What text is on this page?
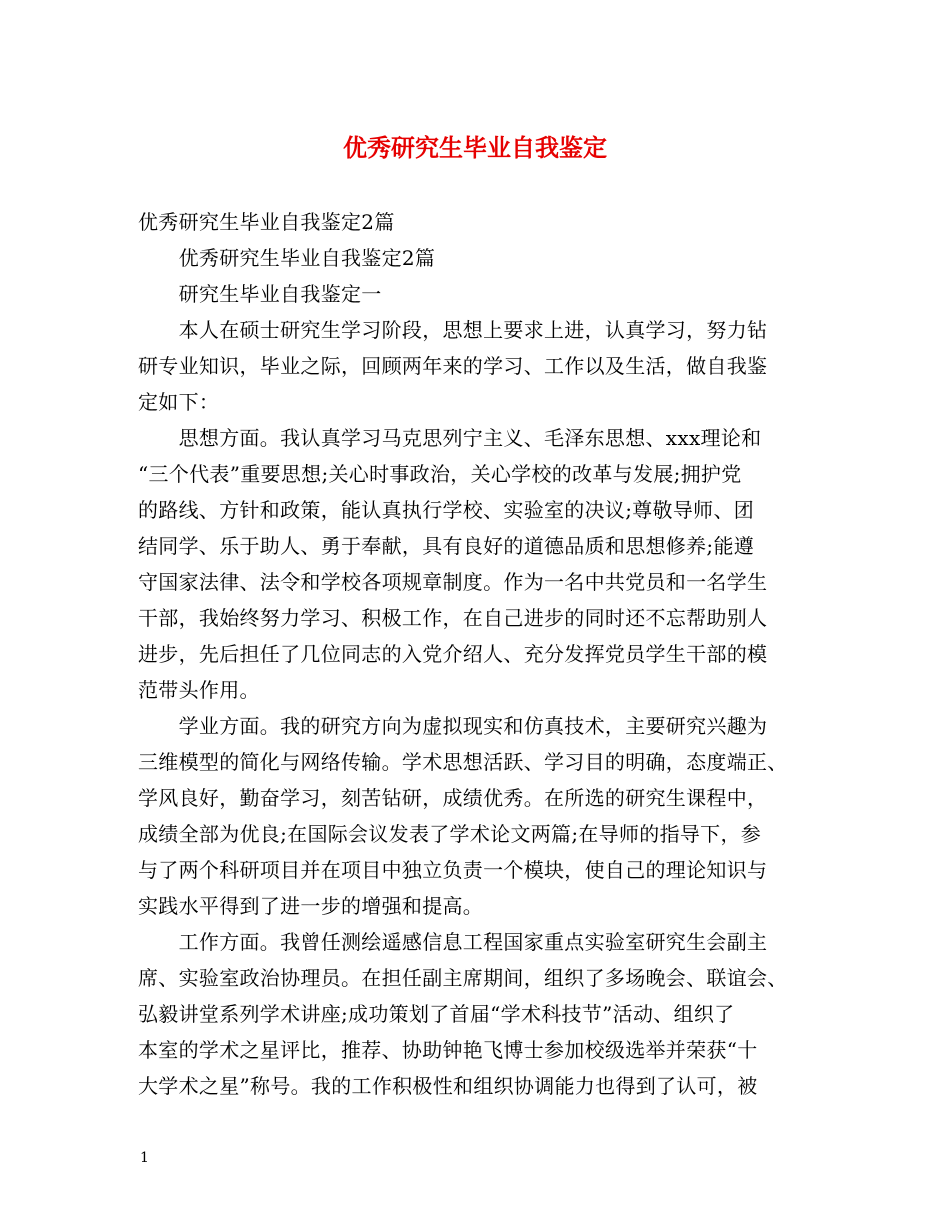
优秀研究生毕业自我鉴定
优秀研究生毕业自我鉴定2篇
　　优秀研究生毕业自我鉴定2篇
　　研究生毕业自我鉴定一
　　本人在硕士研究生学习阶段，思想上要求上进，认真学习，努力钻
研专业知识，毕业之际，回顾两年来的学习、工作以及生活，做自我鉴
定如下：
　　思想方面。我认真学习马克思列宁主义、毛泽东思想、xxx理论和
“三个代表”重要思想;关心时事政治，关心学校的改革与发展;拥护党
的路线、方针和政策，能认真执行学校、实验室的决议;尊敬导师、团
结同学、乐于助人、勇于奉献，具有良好的道德品质和思想修养;能遵
守国家法律、法令和学校各项规章制度。作为一名中共党员和一名学生
干部，我始终努力学习、积极工作，在自己进步的同时还不忘帮助别人
进步，先后担任了几位同志的入党介绍人、充分发挥党员学生干部的模
范带头作用。
　　学业方面。我的研究方向为虚拟现实和仿真技术，主要研究兴趣为
三维模型的简化与网络传输。学术思想活跃、学习目的明确，态度端正、
学风良好，勤奋学习，刻苦钻研，成绩优秀。在所选的研究生课程中，
成绩全部为优良;在国际会议发表了学术论文两篇;在导师的指导下，参
与了两个科研项目并在项目中独立负责一个模块，使自己的理论知识与
实践水平得到了进一步的增强和提高。
　　工作方面。我曾任测绘遥感信息工程国家重点实验室研究生会副主
席、实验室政治协理员。在担任副主席期间，组织了多场晚会、联谊会、
弘毅讲堂系列学术讲座;成功策划了首届“学术科技节”活动、组织了
本室的学术之星评比，推荐、协助钟艳飞博士参加校级选举并荣获“十
大学术之星”称号。我的工作积极性和组织协调能力也得到了认可，被
1
